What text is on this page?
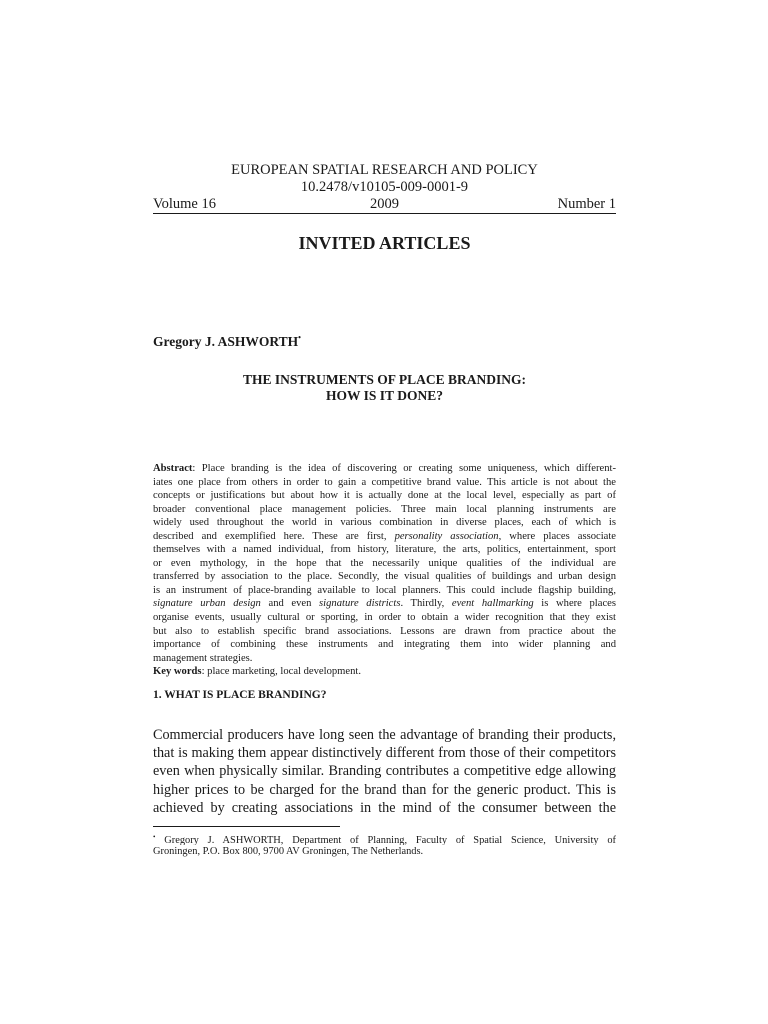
EUROPEAN SPATIAL RESEARCH AND POLICY
10.2478/v10105-009-0001-9
Volume 16	2009	Number 1
INVITED ARTICLES
Gregory J. ASHWORTH•
THE INSTRUMENTS OF PLACE BRANDING:
HOW IS IT DONE?
Abstract: Place branding is the idea of discovering or creating some uniqueness, which different-
iates one place from others in order to gain a competitive brand value. This article is not about the
concepts or justifications but about how it is actually done at the local level, especially as part of
broader conventional place management policies. Three main local planning instruments are
widely used throughout the world in various combination in diverse places, each of which is
described and exemplified here. These are first, personality association, where places associate
themselves with a named individual, from history, literature, the arts, politics, entertainment, sport
or even mythology, in the hope that the necessarily unique qualities of the individual are
transferred by association to the place. Secondly, the visual qualities of buildings and urban design
is an instrument of place-branding available to local planners. This could include flagship building,
signature urban design and even signature districts. Thirdly, event hallmarking is where places
organise events, usually cultural or sporting, in order to obtain a wider recognition that they exist
but also to establish specific brand associations. Lessons are drawn from practice about the
importance of combining these instruments and integrating them into wider planning and
management strategies.
Key words: place marketing, local development.
1. WHAT IS PLACE BRANDING?
Commercial producers have long seen the advantage of branding their products,
that is making them appear distinctively different from those of their competitors
even when physically similar. Branding contributes a competitive edge allowing
higher prices to be charged for the brand than for the generic product. This is
achieved by creating associations in the mind of the consumer between the
• Gregory J. ASHWORTH, Department of Planning, Faculty of Spatial Science, University of
Groningen, P.O. Box 800, 9700 AV Groningen, The Netherlands.
